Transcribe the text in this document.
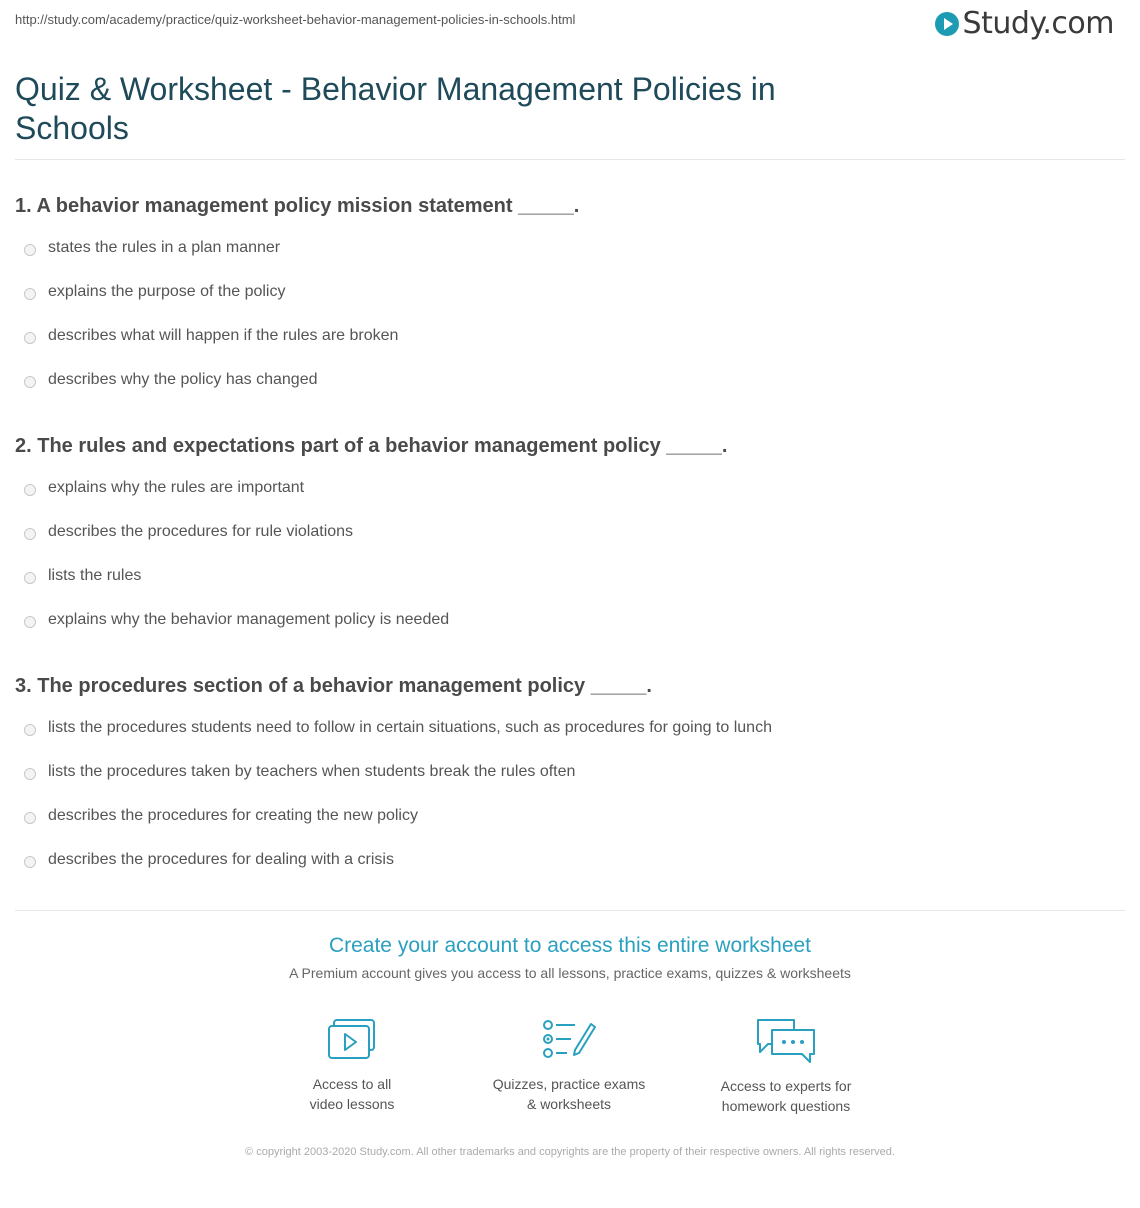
http://study.com/academy/practice/quiz-worksheet-behavior-management-policies-in-schools.html	Study.com
Quiz & Worksheet - Behavior Management Policies in Schools
1. A behavior management policy mission statement _____.
states the rules in a plan manner
explains the purpose of the policy
describes what will happen if the rules are broken
describes why the policy has changed
2. The rules and expectations part of a behavior management policy _____.
explains why the rules are important
describes the procedures for rule violations
lists the rules
explains why the behavior management policy is needed
3. The procedures section of a behavior management policy _____.
lists the procedures students need to follow in certain situations, such as procedures for going to lunch
lists the procedures taken by teachers when students break the rules often
describes the procedures for creating the new policy
describes the procedures for dealing with a crisis
Create your account to access this entire worksheet
A Premium account gives you access to all lessons, practice exams, quizzes & worksheets
Access to all
video lessons
Quizzes, practice exams
& worksheets
Access to experts for
homework questions
© copyright 2003-2020 Study.com. All other trademarks and copyrights are the property of their respective owners. All rights reserved.
